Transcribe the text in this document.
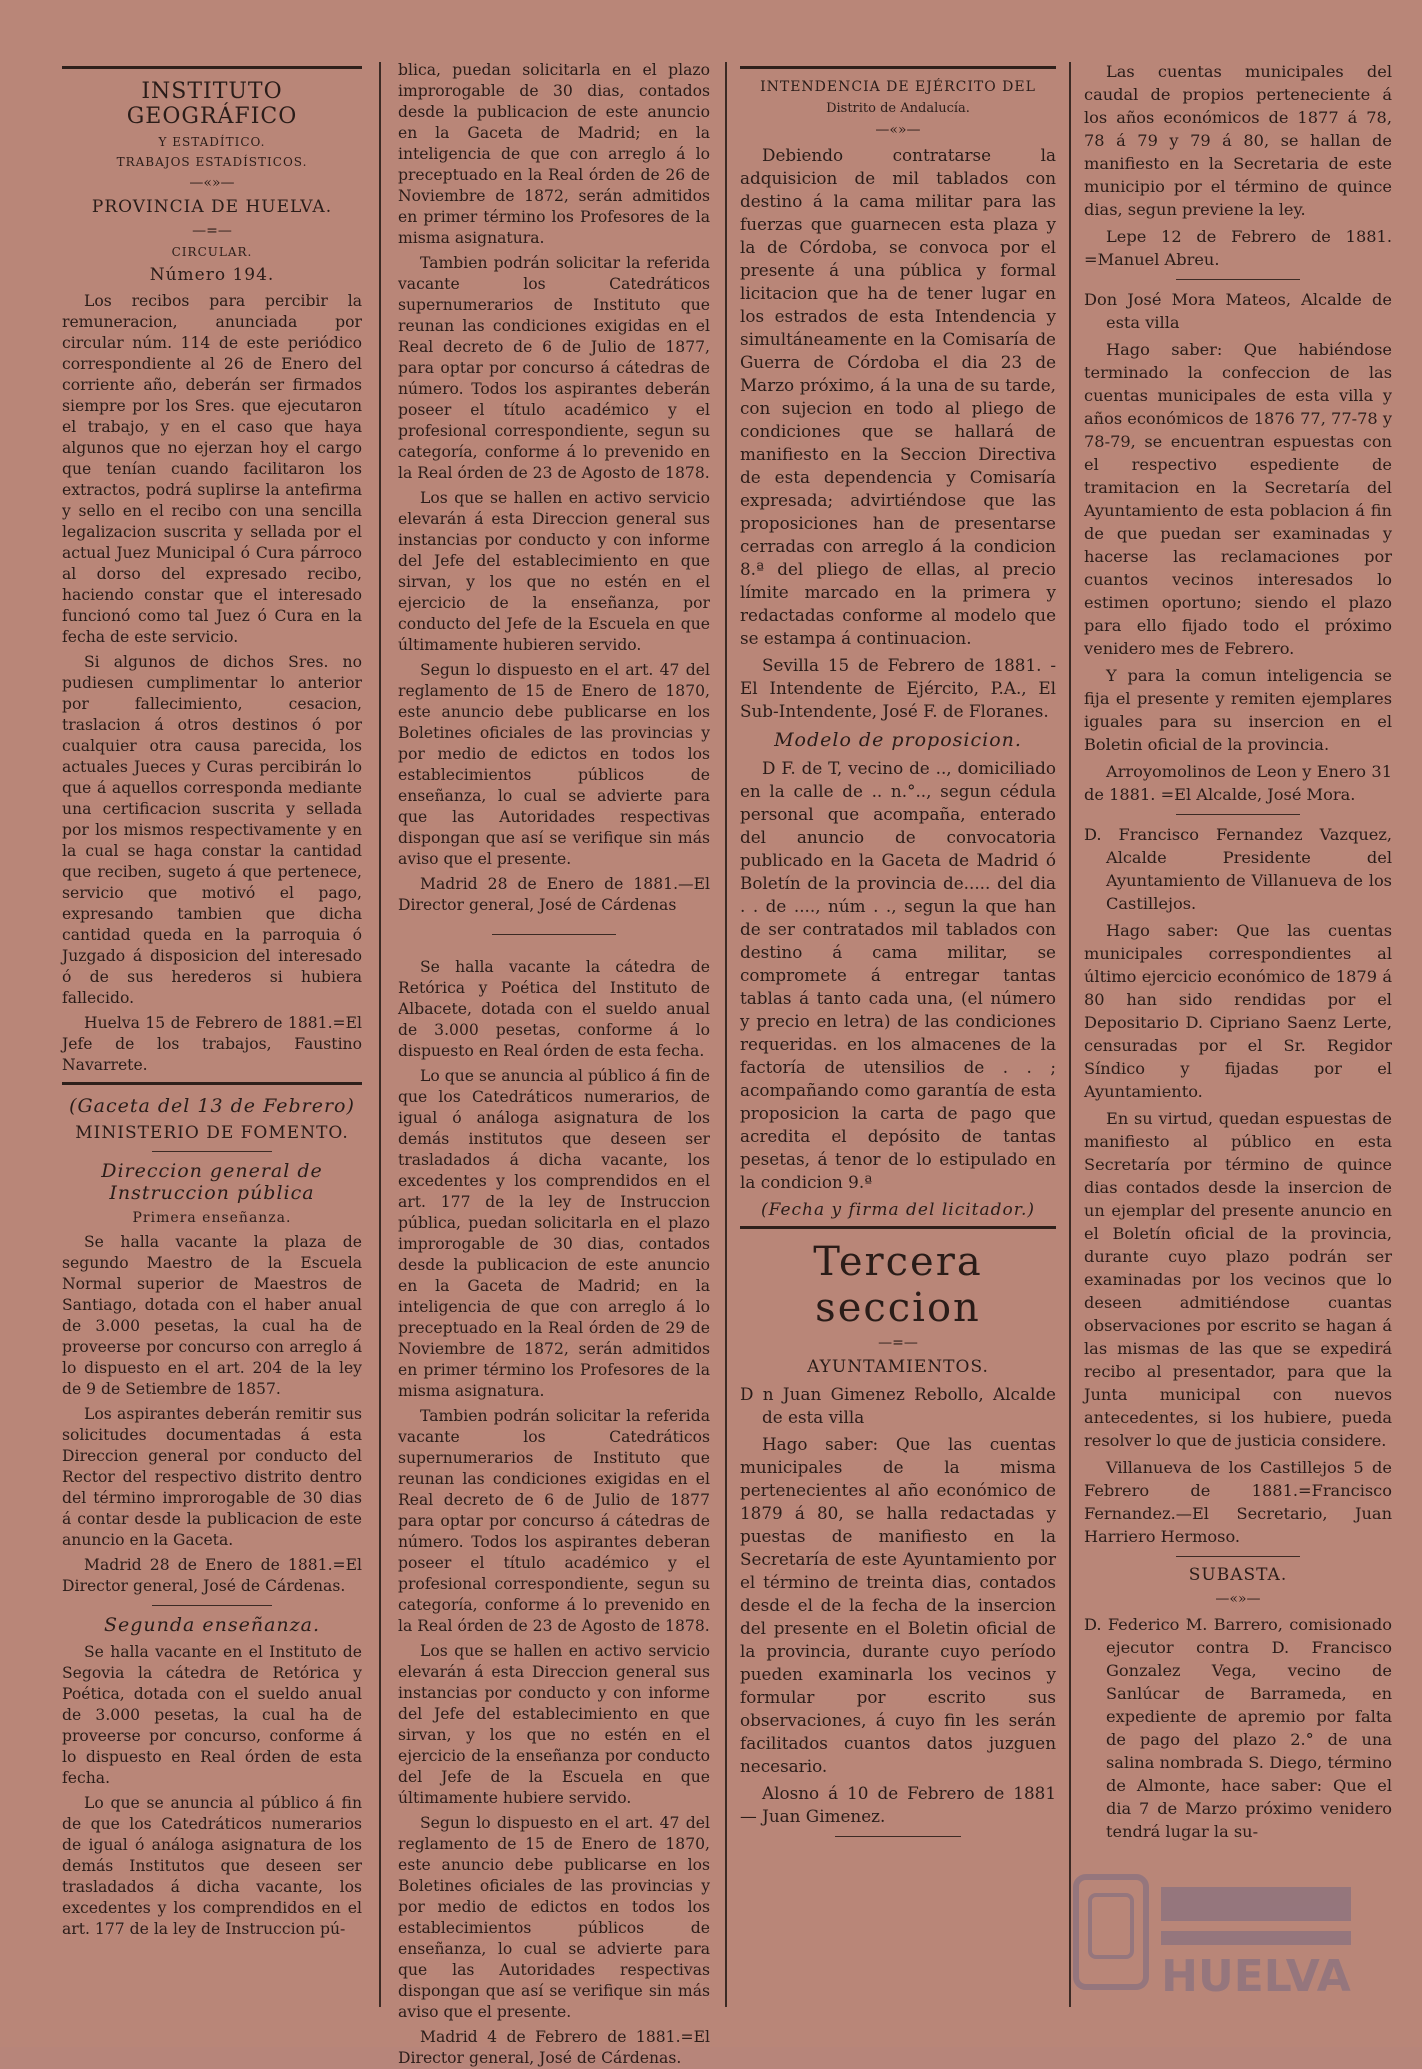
INSTITUTO GEOGRÁFICO
Y ESTADÍTICO.
TRABAJOS ESTADÍSTICOS.
—«»—
PROVINCIA DE HUELVA.
—=—
CIRCULAR.
Número 194.

Los recibos para percibir la remuneracion, anunciada por circular núm. 114 de este periódico correspondiente al 26 de Enero del corriente año, deberán ser firmados siempre por los Sres. que ejecutaron el trabajo, y en el caso que haya algunos que no ejerzan hoy el cargo que tenían cuando facilitaron los extractos, podrá suplirse la antefirma y sello en el recibo con una sencilla legalizacion suscrita y sellada por el actual Juez Municipal ó Cura párroco al dorso del expresado recibo, haciendo constar que el interesado funcionó como tal Juez ó Cura en la fecha de este servicio.

Si algunos de dichos Sres. no pudiesen cumplimentar lo anterior por fallecimiento, cesacion, traslacion á otros destinos ó por cualquier otra causa parecida, los actuales Jueces y Curas percibirán lo que á aquellos corresponda mediante una certificacion suscrita y sellada por los mismos respectivamente y en la cual se haga constar la cantidad que reciben, sugeto á que pertenece, servicio que motivó el pago, expresando tambien que dicha cantidad queda en la parroquia ó Juzgado á disposicion del interesado ó de sus herederos si hubiera fallecido.

Huelva 15 de Febrero de 1881.=El Jefe de los trabajos, Faustino Navarrete.

(Gaceta del 13 de Febrero)
MINISTERIO DE FOMENTO.
Direccion general de Instruccion pública
Primera enseñanza.

Se halla vacante la plaza de segundo Maestro de la Escuela Normal superior de Maestros de Santiago, dotada con el haber anual de 3.000 pesetas, la cual ha de proveerse por concurso con arreglo á lo dispuesto en el art. 204 de la ley de 9 de Setiembre de 1857.

Los aspirantes deberán remitir sus solicitudes documentadas á esta Direccion general por conducto del Rector del respectivo distrito dentro del término improrogable de 30 dias á contar desde la publicacion de este anuncio en la Gaceta.

Madrid 28 de Enero de 1881.=El Director general, José de Cárdenas.

Segunda enseñanza.

Se halla vacante en el Instituto de Segovia la cátedra de Retórica y Poética, dotada con el sueldo anual de 3.000 pesetas, la cual ha de proveerse por concurso, conforme á lo dispuesto en Real órden de esta fecha.

Lo que se anuncia al público á fin de que los Catedráticos numerarios de igual ó análoga asignatura de los demás Institutos que deseen ser trasladados á dicha vacante, los excedentes y los comprendidos en el art. 177 de la ley de Instruccion pú-

blica, puedan solicitarla en el plazo improrogable de 30 dias, contados desde la publicacion de este anuncio en la Gaceta de Madrid; en la inteligencia de que con arreglo á lo preceptuado en la Real órden de 26 de Noviembre de 1872, serán admitidos en primer término los Profesores de la misma asignatura.

Tambien podrán solicitar la referida vacante los Catedráticos supernumerarios de Instituto que reunan las condiciones exigidas en el Real decreto de 6 de Julio de 1877, para optar por concurso á cátedras de número. Todos los aspirantes deberán poseer el título académico y el profesional correspondiente, segun su categoría, conforme á lo prevenido en la Real órden de 23 de Agosto de 1878.

Los que se hallen en activo servicio elevarán á esta Direccion general sus instancias por conducto y con informe del Jefe del establecimiento en que sirvan, y los que no estén en el ejercicio de la enseñanza, por conducto del Jefe de la Escuela en que últimamente hubieren servido.

Segun lo dispuesto en el art. 47 del reglamento de 15 de Enero de 1870, este anuncio debe publicarse en los Boletines oficiales de las provincias y por medio de edictos en todos los establecimientos públicos de enseñanza, lo cual se advierte para que las Autoridades respectivas dispongan que así se verifique sin más aviso que el presente.

Madrid 28 de Enero de 1881.—El Director general, José de Cárdenas

Se halla vacante la cátedra de Retórica y Poética del Instituto de Albacete, dotada con el sueldo anual de 3.000 pesetas, conforme á lo dispuesto en Real órden de esta fecha.

Lo que se anuncia al público á fin de que los Catedráticos numerarios, de igual ó análoga asignatura de los demás institutos que deseen ser trasladados á dicha vacante, los excedentes y los comprendidos en el art. 177 de la ley de Instruccion pública, puedan solicitarla en el plazo improrogable de 30 dias, contados desde la publicacion de este anuncio en la Gaceta de Madrid; en la inteligencia de que con arreglo á lo preceptuado en la Real órden de 29 de Noviembre de 1872, serán admitidos en primer término los Profesores de la misma asignatura.

Tambien podrán solicitar la referida vacante los Catedráticos supernumerarios de Instituto que reunan las condiciones exigidas en el Real decreto de 6 de Julio de 1877 para optar por concurso á cátedras de número. Todos los aspirantes deberan poseer el título académico y el profesional correspondiente, segun su categoría, conforme á lo prevenido en la Real órden de 23 de Agosto de 1878.

Los que se hallen en activo servicio elevarán á esta Direccion general sus instancias por conducto y con informe del Jefe del establecimiento en que sirvan, y los que no estén en el ejercicio de la enseñanza por conducto del Jefe de la Escuela en que últimamente hubiere servido.

Segun lo dispuesto en el art. 47 del reglamento de 15 de Enero de 1870, este anuncio debe publicarse en los Boletines oficiales de las provincias y por medio de edictos en todos los establecimientos públicos de enseñanza, lo cual se advierte para que las Autoridades respectivas dispongan que así se verifique sin más aviso que el presente.

Madrid 4 de Febrero de 1881.=El Director general, José de Cárdenas.

INTENDENCIA DE EJÉRCITO DEL
Distrito de Andalucía.
—«»—

Debiendo contratarse la adquisicion de mil tablados con destino á la cama militar para las fuerzas que guarnecen esta plaza y la de Córdoba, se convoca por el presente á una pública y formal licitacion que ha de tener lugar en los estrados de esta Intendencia y simultáneamente en la Comisaría de Guerra de Córdoba el dia 23 de Marzo próximo, á la una de su tarde, con sujecion en todo al pliego de condiciones que se hallará de manifiesto en la Seccion Directiva de esta dependencia y Comisaría expresada; advirtiéndose que las proposiciones han de presentarse cerradas con arreglo á la condicion 8.ª del pliego de ellas, al precio límite marcado en la primera y redactadas conforme al modelo que se estampa á continuacion.

Sevilla 15 de Febrero de 1881. - El Intendente de Ejército, P.A., El Sub-Intendente, José F. de Floranes.

Modelo de proposicion.

D F. de T, vecino de .., domiciliado en la calle de .. n.°.., segun cédula personal que acompaña, enterado del anuncio de convocatoria publicado en la Gaceta de Madrid ó Boletín de la provincia de..... del dia . . de ...., núm . ., segun la que han de ser contratados mil tablados con destino á cama militar, se compromete á entregar tantas tablas á tanto cada una, (el número y precio en letra) de las condiciones requeridas. en los almacenes de la factoría de utensilios de . . ; acompañando como garantía de esta proposicion la carta de pago que acredita el depósito de tantas pesetas, á tenor de lo estipulado en la condicion 9.ª

(Fecha y firma del licitador.)
Tercera seccion
—=—
AYUNTAMIENTOS.

D n Juan Gimenez Rebollo, Alcalde de esta villa

Hago saber: Que las cuentas municipales de la misma pertenecientes al año económico de 1879 á 80, se halla redactadas y puestas de manifiesto en la Secretaría de este Ayuntamiento por el término de treinta dias, contados desde el de la fecha de la insercion del presente en el Boletin oficial de la provincia, durante cuyo período pueden examinarla los vecinos y formular por escrito sus observaciones, á cuyo fin les serán facilitados cuantos datos juzguen necesario.

Alosno á 10 de Febrero de 1881 — Juan Gimenez.

Las cuentas municipales del caudal de propios perteneciente á los años económicos de 1877 á 78, 78 á 79 y 79 á 80, se hallan de manifiesto en la Secretaria de este municipio por el término de quince dias, segun previene la ley.

Lepe 12 de Febrero de 1881. =Manuel Abreu.

Don José Mora Mateos, Alcalde de esta villa

Hago saber: Que habiéndose terminado la confeccion de las cuentas municipales de esta villa y años económicos de 1876 77, 77-78 y 78-79, se encuentran espuestas con el respectivo espediente de tramitacion en la Secretaría del Ayuntamiento de esta poblacion á fin de que puedan ser examinadas y hacerse las reclamaciones por cuantos vecinos interesados lo estimen oportuno; siendo el plazo para ello fijado todo el próximo venidero mes de Febrero.

Y para la comun inteligencia se fija el presente y remiten ejemplares iguales para su insercion en el Boletin oficial de la provincia.

Arroyomolinos de Leon y Enero 31 de 1881. =El Alcalde, José Mora.

D. Francisco Fernandez Vazquez, Alcalde Presidente del Ayuntamiento de Villanueva de los Castillejos.

Hago saber: Que las cuentas municipales correspondientes al último ejercicio económico de 1879 á 80 han sido rendidas por el Depositario D. Cipriano Saenz Lerte, censuradas por el Sr. Regidor Síndico y fijadas por el Ayuntamiento.

En su virtud, quedan espuestas de manifiesto al público en esta Secretaría por término de quince dias contados desde la insercion de un ejemplar del presente anuncio en el Boletín oficial de la provincia, durante cuyo plazo podrán ser examinadas por los vecinos que lo deseen admitiéndose cuantas observaciones por escrito se hagan á las mismas de las que se expedirá recibo al presentador, para que la Junta municipal con nuevos antecedentes, si los hubiere, pueda resolver lo que de justicia considere.

Villanueva de los Castillejos 5 de Febrero de 1881.=Francisco Fernandez.—El Secretario, Juan Harriero Hermoso.

SUBASTA.
—«»—

D. Federico M. Barrero, comisionado ejecutor contra D. Francisco Gonzalez Vega, vecino de Sanlúcar de Barrameda, en expediente de apremio por falta de pago del plazo 2.° de una salina nombrada S. Diego, término de Almonte, hace saber: Que el dia 7 de Marzo próximo venidero tendrá lugar la su-

HUELVA
